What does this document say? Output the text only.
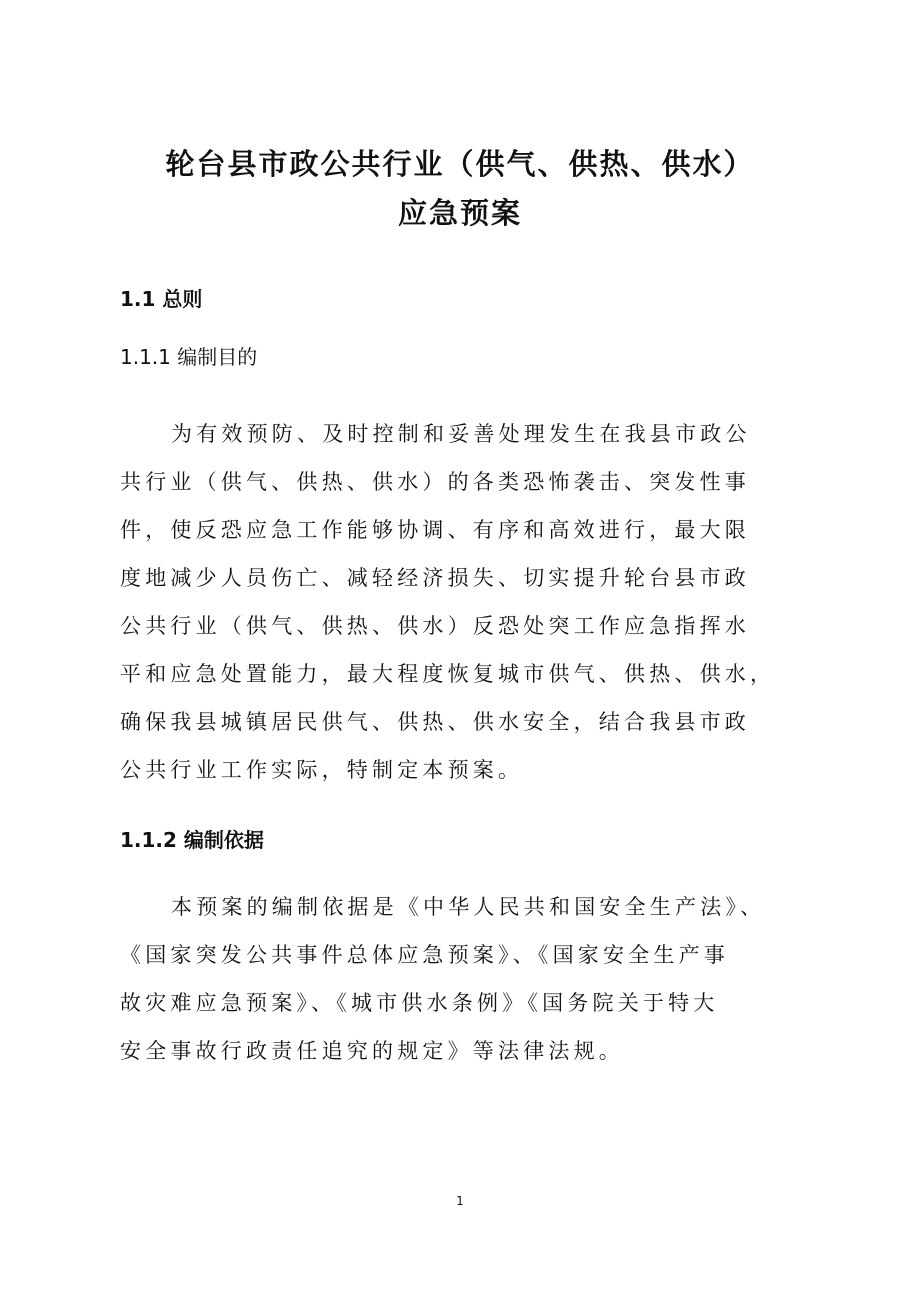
轮台县市政公共行业（供气、供热、供水）
应急预案
1.1 总则
1.1.1 编制目的
为有效预防、及时控制和妥善处理发生在我县市政公
共行业（供气、供热、供水）的各类恐怖袭击、突发性事
件，使反恐应急工作能够协调、有序和高效进行，最大限
度地减少人员伤亡、减轻经济损失、切实提升轮台县市政
公共行业（供气、供热、供水）反恐处突工作应急指挥水
平和应急处置能力，最大程度恢复城市供气、供热、供水，
确保我县城镇居民供气、供热、供水安全，结合我县市政
公共行业工作实际，特制定本预案。
1.1.2 编制依据
本预案的编制依据是《中华人民共和国安全生产法》、
《国家突发公共事件总体应急预案》、《国家安全生产事
故灾难应急预案》、《城市供水条例》《国务院关于特大
安全事故行政责任追究的规定》等法律法规。
1
